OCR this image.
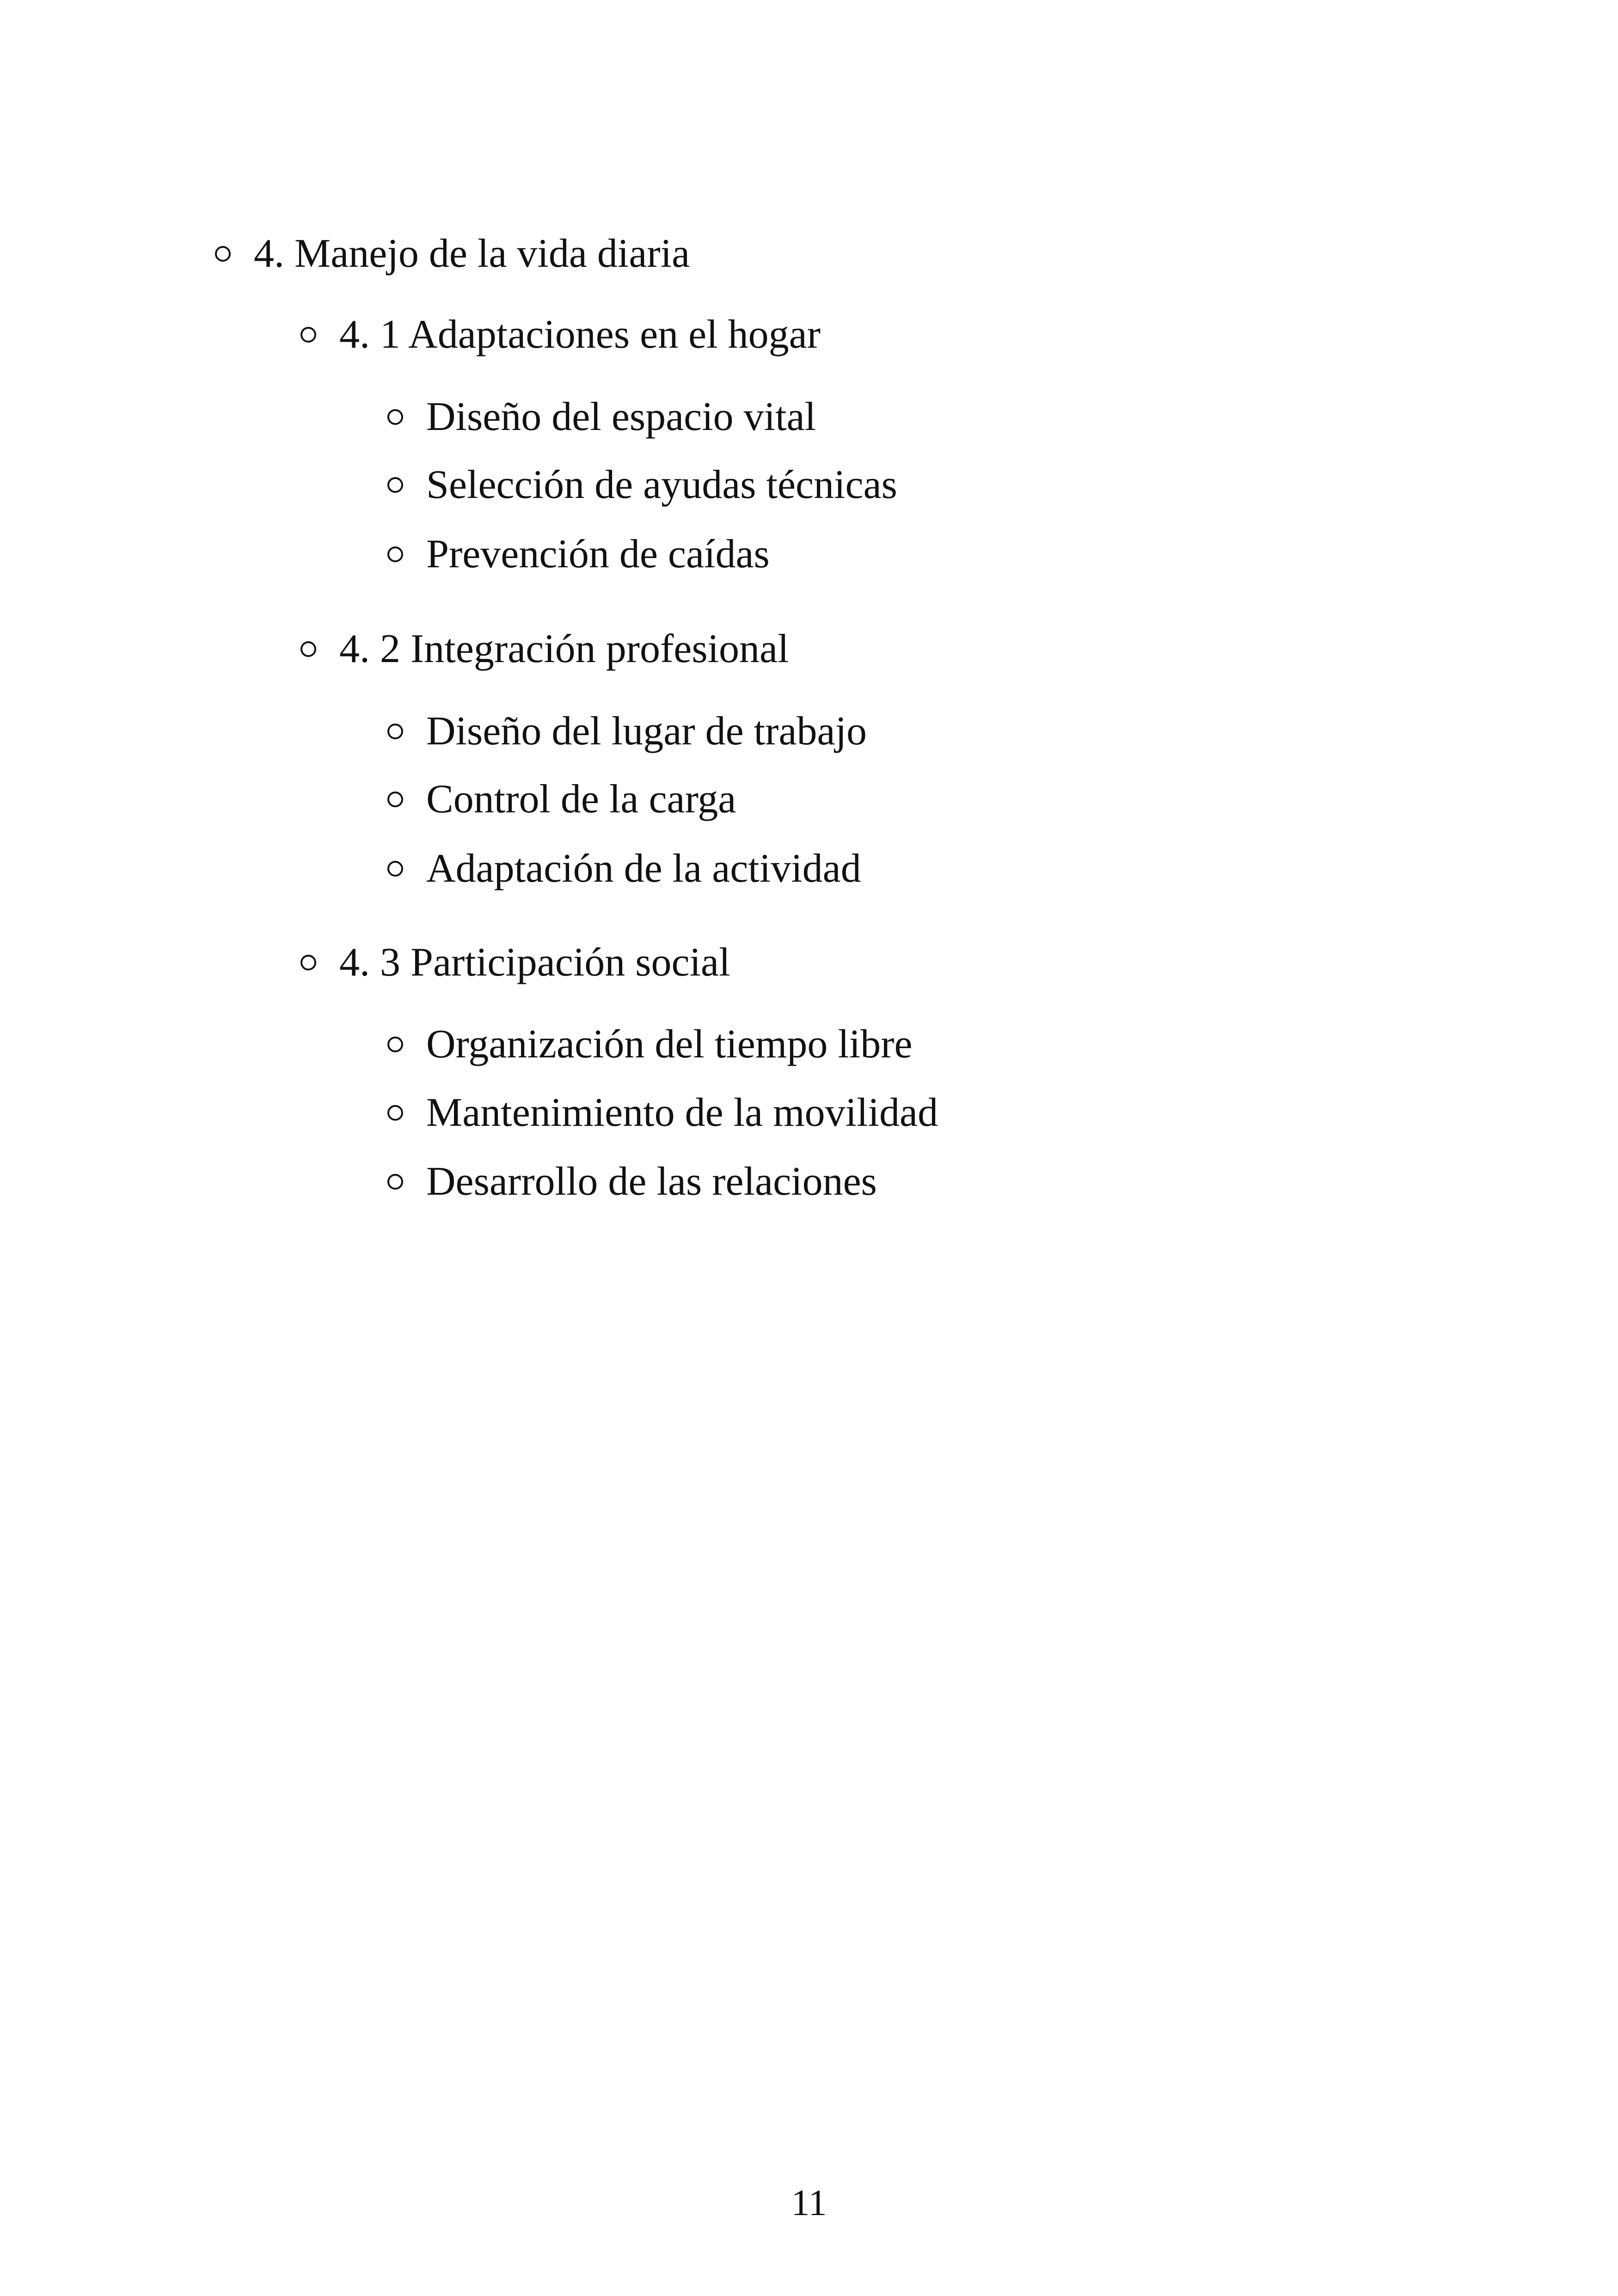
4. Manejo de la vida diaria
4. 1 Adaptaciones en el hogar
Diseño del espacio vital
Selección de ayudas técnicas
Prevención de caídas
4. 2 Integración profesional
Diseño del lugar de trabajo
Control de la carga
Adaptación de la actividad
4. 3 Participación social
Organización del tiempo libre
Mantenimiento de la movilidad
Desarrollo de las relaciones
11
